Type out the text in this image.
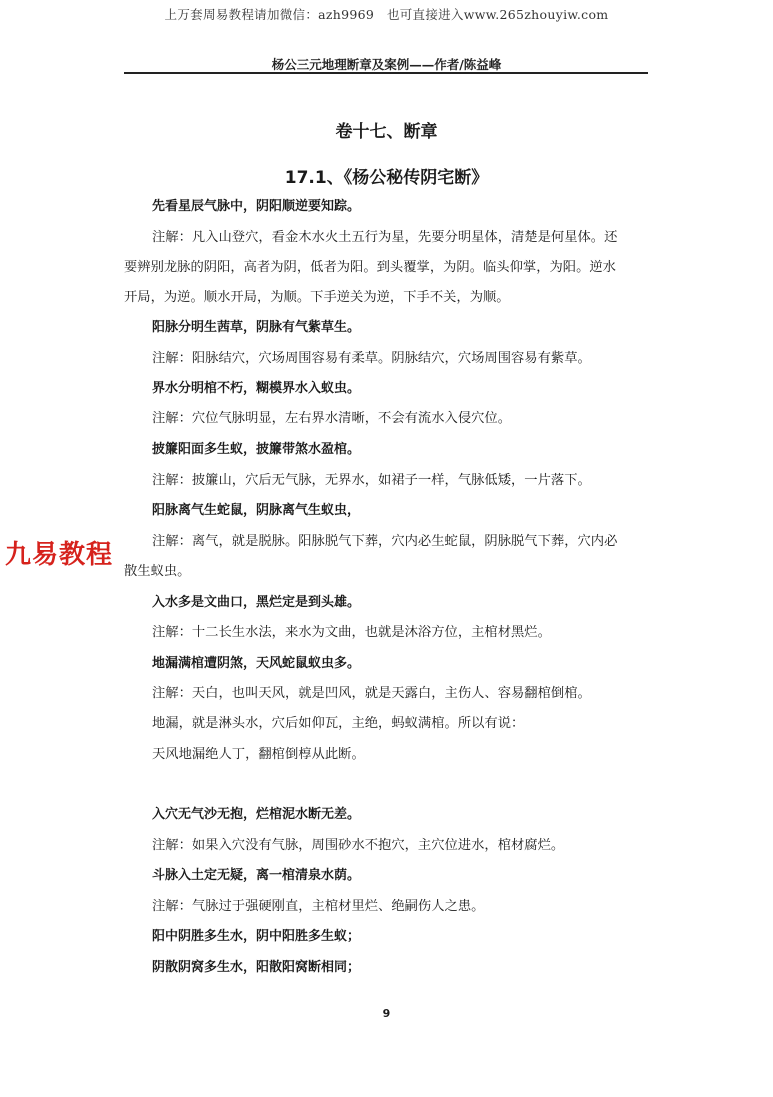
上万套周易教程请加微信：azh9969　也可直接进入www.265zhouyiw.com
杨公三元地理断章及案例——作者/陈益峰
卷十七、断章
17.1、《杨公秘传阴宅断》
先看星辰气脉中，阴阳顺逆要知踪。
注解：凡入山登穴，看金木水火土五行为星，先要分明星体，清楚是何星体。还
要辨别龙脉的阴阳，高者为阴，低者为阳。到头覆掌，为阴。临头仰掌，为阳。逆水
开局，为逆。顺水开局，为顺。下手逆关为逆，下手不关，为顺。
阳脉分明生茜草，阴脉有气紫草生。
注解：阳脉结穴，穴场周围容易有柔草。阴脉结穴，穴场周围容易有紫草。
界水分明棺不朽，糊模界水入蚁虫。
注解：穴位气脉明显，左右界水清晰，不会有流水入侵穴位。
披簾阳面多生蚁，披簾带煞水盈棺。
注解：披簾山，穴后无气脉，无界水，如裙子一样，气脉低矮，一片落下。
阳脉离气生蛇鼠，阴脉离气生蚁虫，
注解：离气，就是脱脉。阳脉脱气下葬，穴内必生蛇鼠，阴脉脱气下葬，穴内必
散生蚁虫。
入水多是文曲口，黑烂定是到头雄。
注解：十二长生水法，来水为文曲，也就是沐浴方位，主棺材黑烂。
地漏满棺遭阴煞，天风蛇鼠蚁虫多。
注解：天白，也叫天风，就是凹风，就是天露白，主伤人、容易翻棺倒棺。
地漏，就是淋头水，穴后如仰瓦，主绝，蚂蚁满棺。所以有说：
天风地漏绝人丁，翻棺倒椁从此断。
入穴无气沙无抱，烂棺泥水断无差。
注解：如果入穴没有气脉，周围砂水不抱穴，主穴位进水，棺材腐烂。
斗脉入土定无疑，离一棺清泉水荫。
注解：气脉过于强硬刚直，主棺材里烂、绝嗣伤人之患。
阳中阴胜多生水，阴中阳胜多生蚁；
阴散阴窝多生水，阳散阳窝断相同；
九易教程
9
